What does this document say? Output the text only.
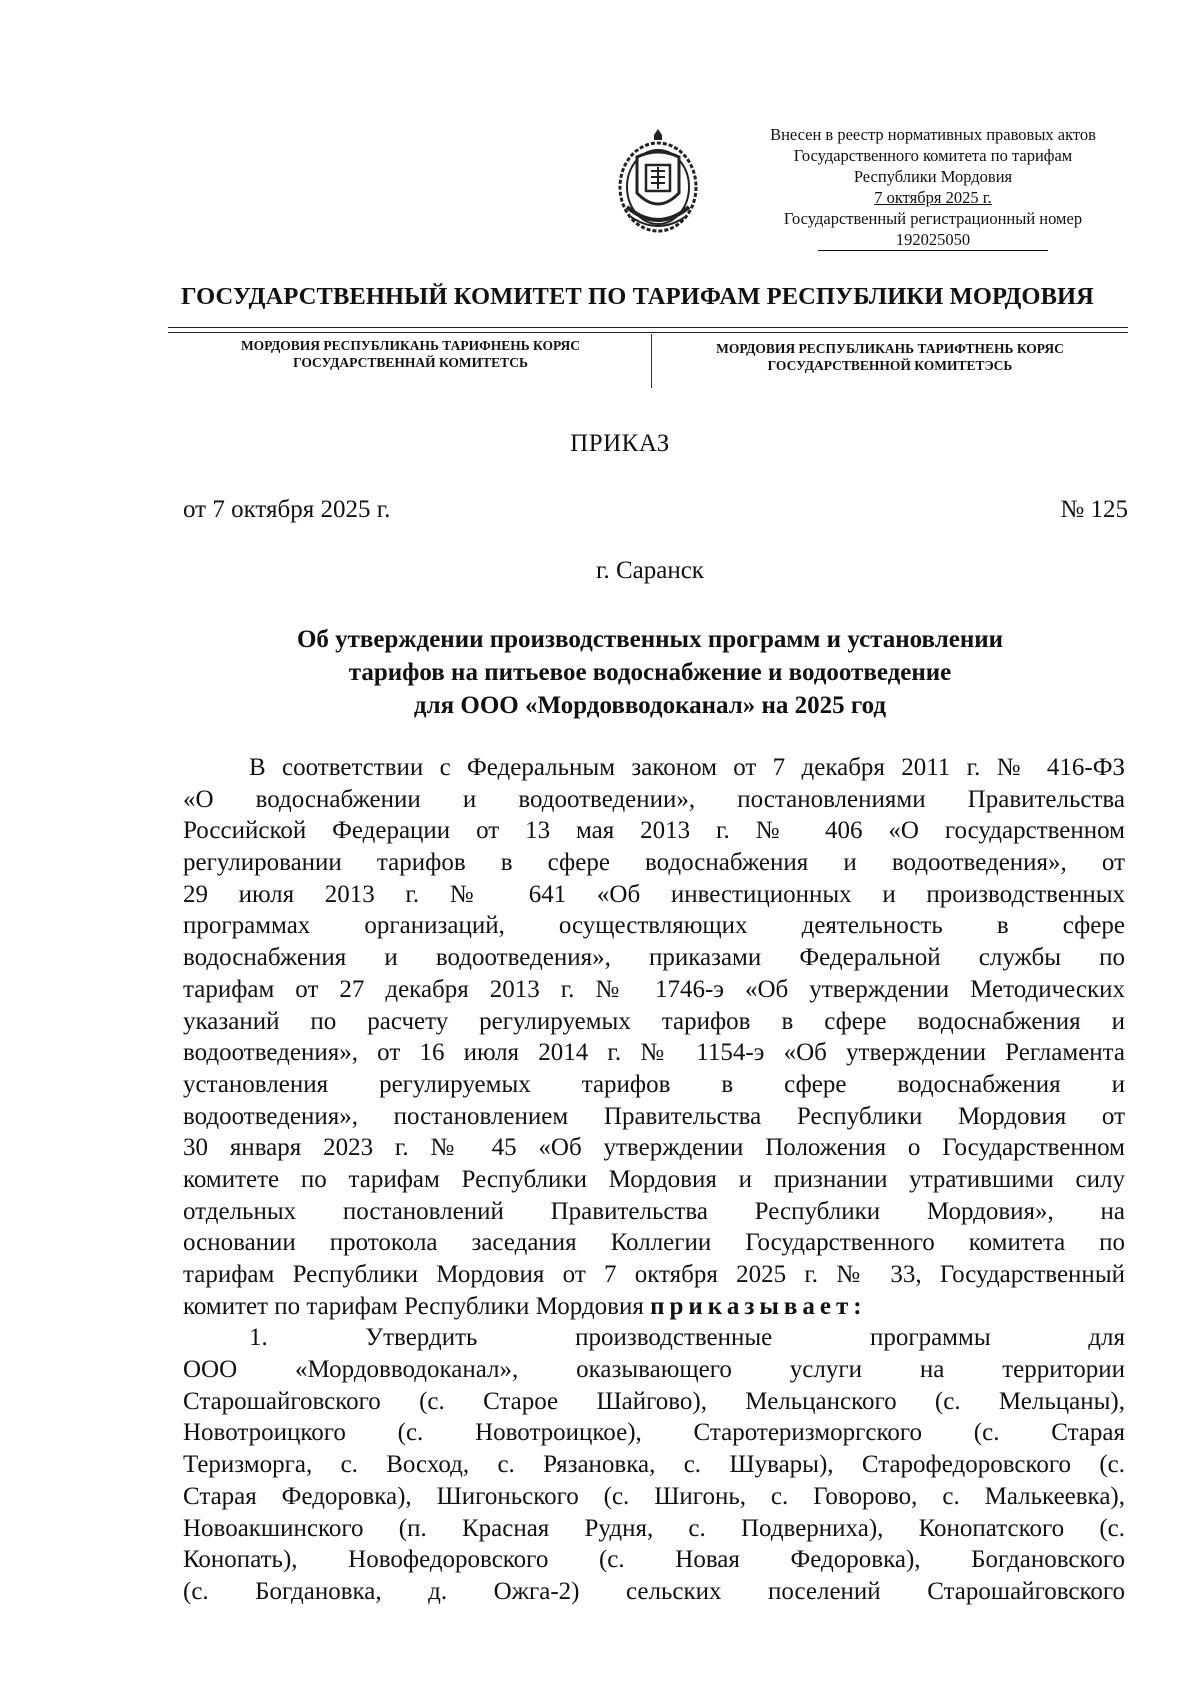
Внесен в реестр нормативных правовых актов
Государственного комитета по тарифам
Республики Мордовия
7 октября 2025 г.
Государственный регистрационный номер
192025050
ГОСУДАРСТВЕННЫЙ КОМИТЕТ ПО ТАРИФАМ РЕСПУБЛИКИ МОРДОВИЯ
МОРДОВИЯ РЕСПУБЛИКАНЬ ТАРИФНЕНЬ КОРЯС
ГОСУДАРСТВЕННАЙ КОМИТЕТСЬ
МОРДОВИЯ РЕСПУБЛИКАНЬ ТАРИФТНЕНЬ КОРЯС
ГОСУДАРСТВЕННОЙ КОМИТЕТЭСЬ
ПРИКАЗ
от 7 октября 2025 г.	№ 125
г. Саранск
Об утверждении производственных программ и установлении
тарифов на питьевое водоснабжение и водоотведение
для ООО «Мордовводоканал» на 2025 год
В соответствии с Федеральным законом от 7 декабря 2011 г. № 416-ФЗ
«О водоснабжении и водоотведении», постановлениями Правительства
Российской Федерации от 13 мая 2013 г. № 406 «О государственном
регулировании тарифов в сфере водоснабжения и водоотведения», от
29 июля 2013 г. № 641 «Об инвестиционных и производственных
программах организаций, осуществляющих деятельность в сфере
водоснабжения и водоотведения», приказами Федеральной службы по
тарифам от 27 декабря 2013 г. № 1746-э «Об утверждении Методических
указаний по расчету регулируемых тарифов в сфере водоснабжения и
водоотведения», от 16 июля 2014 г. № 1154-э «Об утверждении Регламента
установления регулируемых тарифов в сфере водоснабжения и
водоотведения», постановлением Правительства Республики Мордовия от
30 января 2023 г. № 45 «Об утверждении Положения о Государственном
комитете по тарифам Республики Мордовия и признании утратившими силу
отдельных постановлений Правительства Республики Мордовия», на
основании протокола заседания Коллегии Государственного комитета по
тарифам Республики Мордовия от 7 октября 2025 г. № 33, Государственный
комитет по тарифам Республики Мордовия приказывает:
1. Утвердить производственные программы для
ООО «Мордовводоканал», оказывающего услуги на территории
Старошайговского (с. Старое Шайгово), Мельцанского (с. Мельцаны),
Новотроицкого (с. Новотроицкое), Старотеризморгского (с. Старая
Теризморга, с. Восход, с. Рязановка, с. Шувары), Старофедоровского (с.
Старая Федоровка), Шигоньского (с. Шигонь, с. Говорово, с. Малькеевка),
Новоакшинского (п. Красная Рудня, с. Подверниха), Конопатского (с.
Конопать), Новофедоровского (с. Новая Федоровка), Богдановского
(с. Богдановка, д. Ожга-2) сельских поселений Старошайговского
